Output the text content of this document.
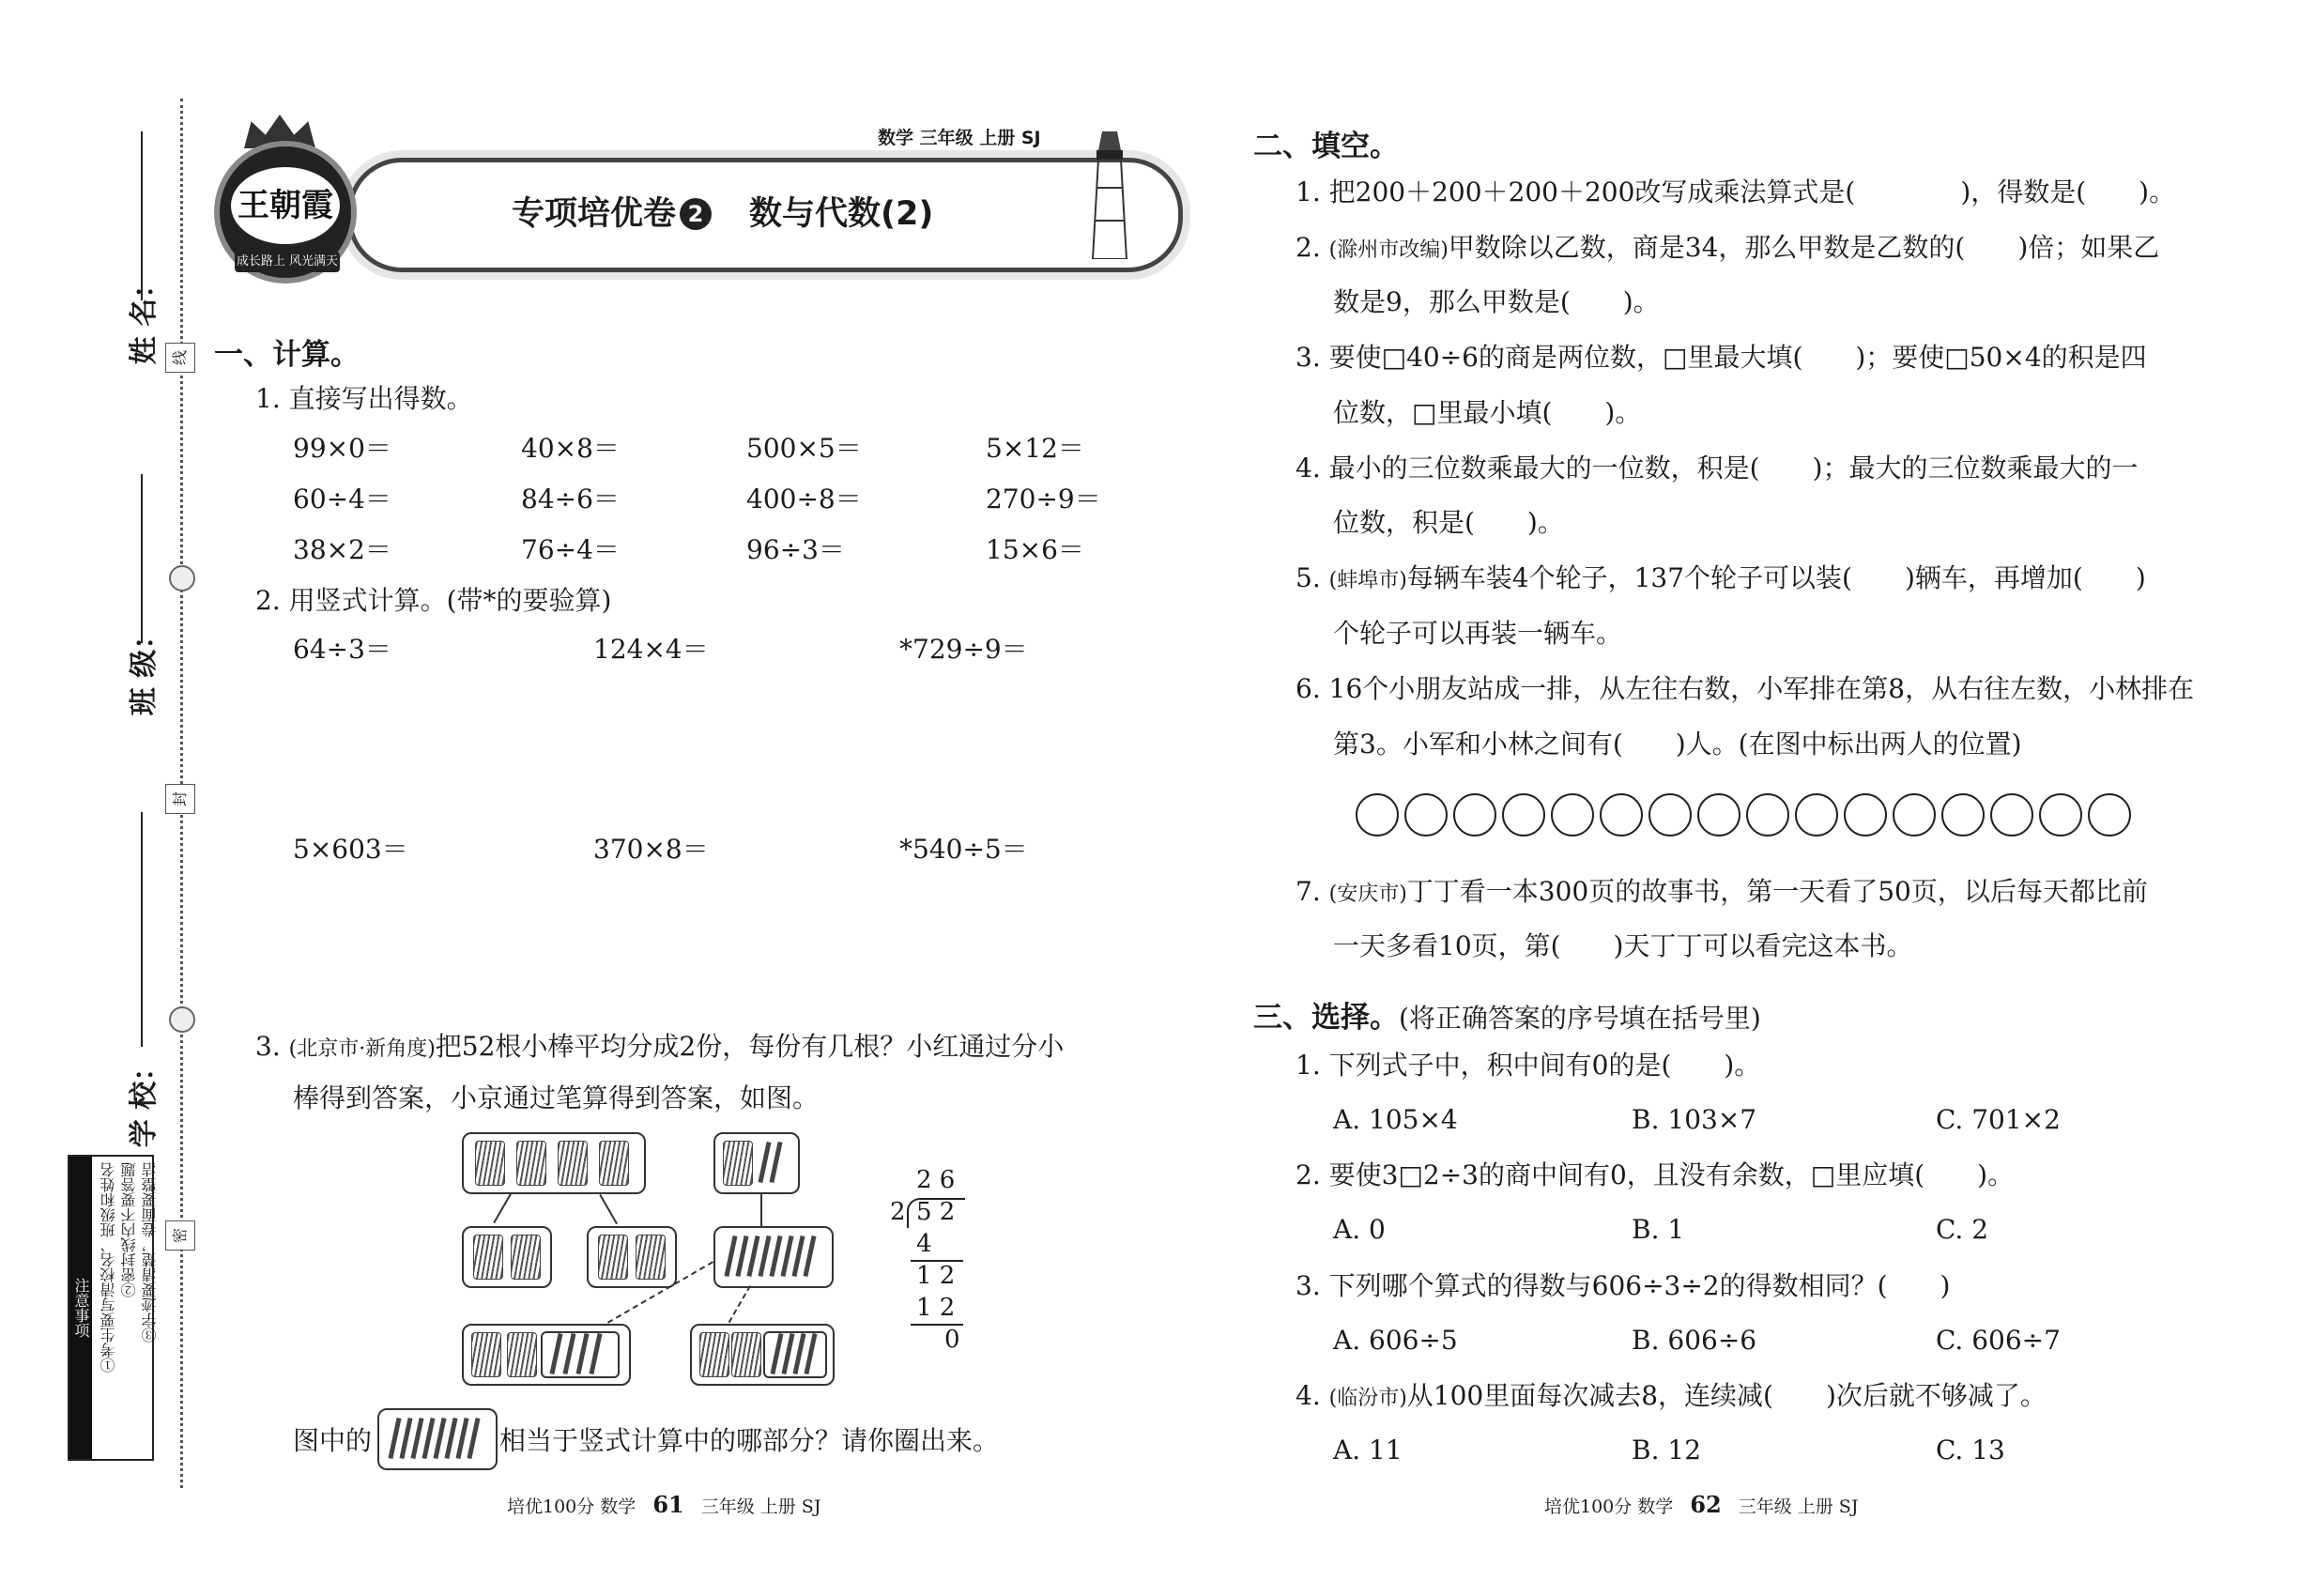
姓 名：
班 级：
学 校：
线
封
密
注意事项 ①考生要写清校名、班级和姓名 ②密封线内不要答题 ③字迹要清楚，卷面要整洁
王朝霞
成长路上 风光满天
数学 三年级 上册 SJ
专项培优卷 2 数与代数(2)
一、计算。
1. 直接写出得数。
99×0＝	40×8＝	500×5＝	5×12＝
60÷4＝	84÷6＝	400÷8＝	270÷9＝
38×2＝	76÷4＝	96÷3＝	15×6＝
2. 用竖式计算。(带*的要验算)
64÷3＝	124×4＝	*729÷9＝
5×603＝	370×8＝	*540÷5＝
3. (北京市·新角度)把52根小棒平均分成2份，每份有几根？小红通过分小
棒得到答案，小京通过笔算得到答案，如图。
2 6
2 5 2
4
1 2
1 2
0
图中的	相当于竖式计算中的哪部分？请你圈出来。
培优100分 数学 61 三年级 上册 SJ
二、填空。
1. 把200＋200＋200＋200改写成乘法算式是(　　　　)，得数是(　　)。
2. (滁州市改编)甲数除以乙数，商是34，那么甲数是乙数的(　　)倍；如果乙
数是9，那么甲数是(　　)。
3. 要使□40÷6的商是两位数，□里最大填(　　)；要使□50×4的积是四
位数，□里最小填(　　)。
4. 最小的三位数乘最大的一位数，积是(　　)；最大的三位数乘最大的一
位数，积是(　　)。
5. (蚌埠市)每辆车装4个轮子，137个轮子可以装(　　)辆车，再增加(　　)
个轮子可以再装一辆车。
6. 16个小朋友站成一排，从左往右数，小军排在第8，从右往左数，小林排在
第3。小军和小林之间有(　　)人。(在图中标出两人的位置)
7. (安庆市)丁丁看一本300页的故事书，第一天看了50页，以后每天都比前
一天多看10页，第(　　)天丁丁可以看完这本书。
三、选择。(将正确答案的序号填在括号里)
1. 下列式子中，积中间有0的是(　　)。
A. 105×4	B. 103×7	C. 701×2
2. 要使3□2÷3的商中间有0，且没有余数，□里应填(　　)。
A. 0	B. 1	C. 2
3. 下列哪个算式的得数与606÷3÷2的得数相同？(　　)
A. 606÷5	B. 606÷6	C. 606÷7
4. (临汾市)从100里面每次减去8，连续减(　　)次后就不够减了。
A. 11	B. 12	C. 13
培优100分 数学 62 三年级 上册 SJ
